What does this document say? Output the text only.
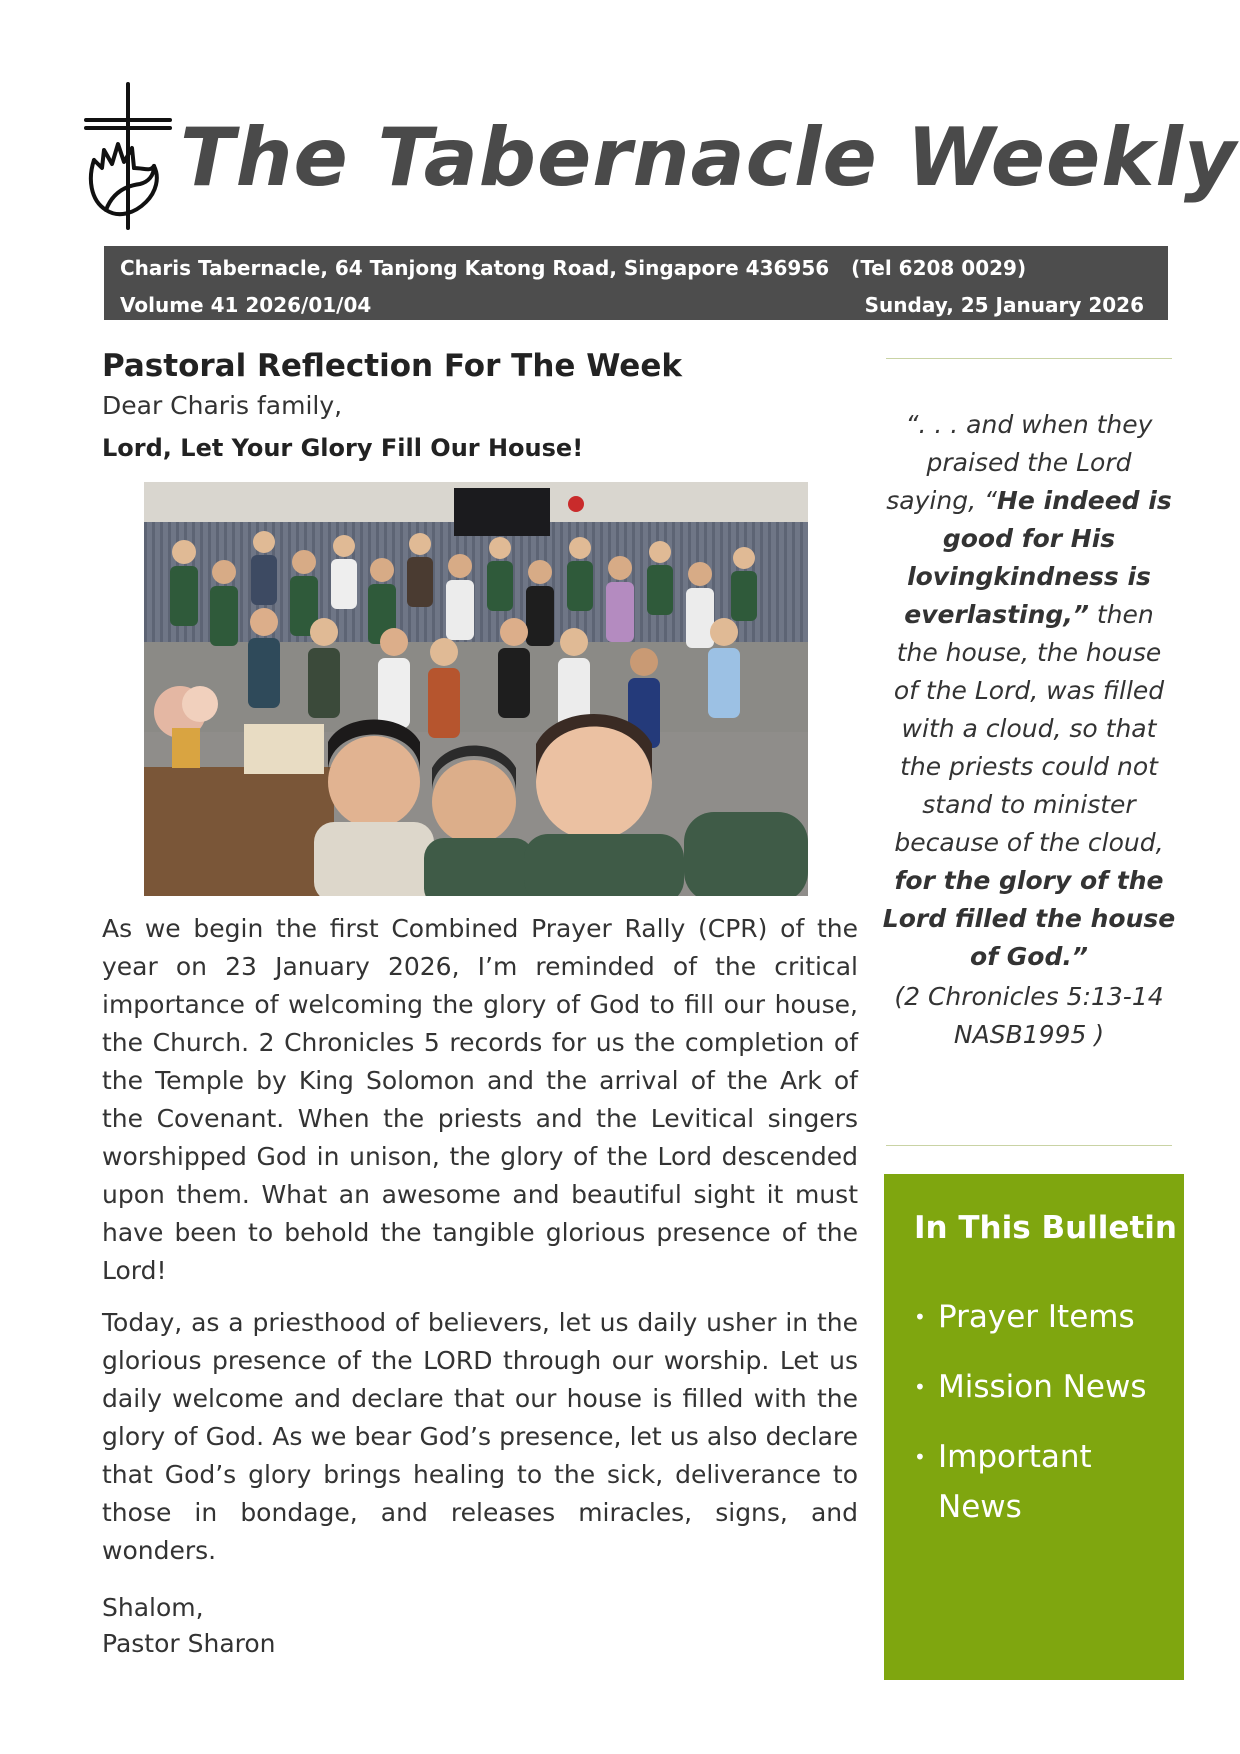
The Tabernacle Weekly
Charis Tabernacle, 64 Tanjong Katong Road, Singapore 436956 (Tel 6208 0029)
Volume 41 2026/01/04	Sunday, 25 January 2026
Pastoral Reflection For The Week

Dear Charis family,

Lord, Let Your Glory Fill Our House!

As we begin the first Combined Prayer Rally (CPR) of the year on 23 January 2026, I’m reminded of the critical importance of welcoming the glory of God to fill our house, the Church. 2 Chronicles 5 records for us the completion of the Temple by King Solomon and the arrival of the Ark of the Covenant. When the priests and the Levitical singers worshipped God in unison, the glory of the Lord descended upon them. What an awesome and beautiful sight it must have been to behold the tangible glorious presence of the Lord!

Today, as a priesthood of believers, let us daily usher in the glorious presence of the LORD through our worship. Let us daily welcome and declare that our house is filled with the glory of God. As we bear God’s presence, let us also declare that God’s glory brings healing to the sick, deliverance to those in bondage, and releases miracles, signs, and wonders.

Shalom,
Pastor Sharon

“. . . and when they praised the Lord saying, “He indeed is good for His lovingkindness is everlasting,” then the house, the house of the Lord, was filled with a cloud, so that the priests could not stand to minister because of the cloud, for the glory of the Lord filled the house of God.”
(2 Chronicles 5:13-14 NASB1995 )

In This Bulletin
• Prayer Items
• Mission News
• Important News
